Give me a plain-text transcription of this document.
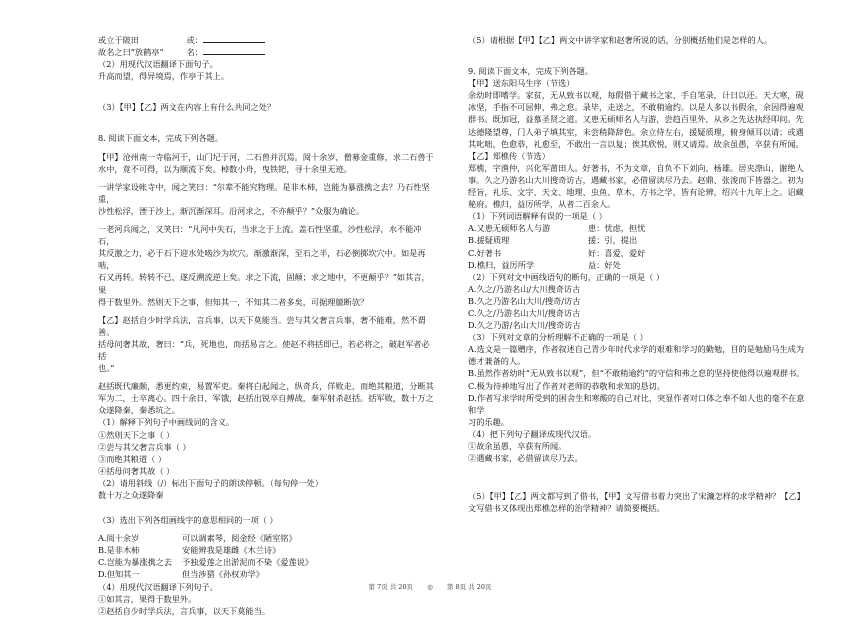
或立于陂田	或：
故名之曰“放鹤亭”	名：

（2）用现代汉语翻译下面句子。

升高而望，得异境焉，作亭于其上。

（3）【甲】【乙】两文在内容上有什么共同之处？

8. 阅读下面文本，完成下列各题。

【甲】沧州南一寺临河干，山门圮于河，二石兽并沉焉。阅十余岁，僧募金重修，求二石兽于

水中，竟不可得，以为顺流下矣。棹数小舟，曳铁钯，寻十余里无迹。

一讲学家设帐寺中，闻之笑曰：“尔辈不能究物理。是非木柿，岂能为暴涨携之去？乃石性坚重，

沙性松浮，湮于沙上，渐沉渐深耳。沿河求之，不亦颠乎？”众服为确论。

一老河兵闻之，又笑曰：“凡河中失石，当求之于上流。盖石性坚重，沙性松浮，水不能冲石，

其反激之力，必于石下迎水处啮沙为坎穴。渐激渐深，至石之半，石必倒掷坎穴中。如是再啮，

石又再转。转转不已，遂反溯流逆上矣。求之下流，固颠；求之地中，不更颠乎？”如其言，果

得于数里外。然则天下之事，但知其一，不知其二者多矣，可据理臆断欤？

【乙】赵括自少时学兵法，言兵事，以天下莫能当。尝与其父奢言兵事，奢不能难，然不谓善。

括母问奢其故，奢曰：“兵，死地也，而括易言之。使赵不将括即已，若必将之，破赵军者必括

也。”

赵括既代廉颇，悉更约束，易置军吏。秦将白起闻之，纵奇兵，佯败走，而绝其粮道，分断其

军为二，士卒离心。四十余日，军饿，赵括出锐卒自搏战，秦军射杀赵括。括军败，数十万之

众遂降秦，秦悉坑之。

（1）解释下列句子中画线词的含义。

①然则天下之事（ ）

②尝与其父奢言兵事（ ）

③而绝其粮道（ ）

④括母问奢其故（ ）

（2）请用斜线（/）标出下面句子的朗读停顿。（每句停一处）

数十万之众遂降秦

（3）选出下列各组画线字的意思相同的一项（ ）

A.阅十余岁	可以调素琴，阅金经《陋室铭》
B.是非木柿	安能辨我是雄雌《木兰诗》
C.岂能为暴涨携之去 予独爱莲之出淤泥而不染《爱莲说》
D.但知其一	但当涉猎《孙权劝学》

（4）用现代汉语翻译下列句子。

①如其言，果得于数里外。

②赵括自少时学兵法，言兵事，以天下莫能当。

（5）请根据【甲】【乙】两文中讲学家和赵奢所说的话，分别概括他们是怎样的人。

9. 阅读下面文本，完成下列各题。

【甲】送东阳马生序（节选）

余幼时即嗜学。家贫，无从致书以观，每假借于藏书之家，手自笔录，计日以还。天大寒，砚

冰坚，手指不可屈伸，弗之怠。录毕，走送之，不敢稍逾约。以是人多以书假余，余因得遍观

群书。既加冠，益慕圣贤之道。又患无硕师名人与游，尝趋百里外，从乡之先达执经叩问。先

达德隆望尊，门人弟子填其室，未尝稍降辞色。余立侍左右，援疑质理，俯身倾耳以请；或遇

其叱咄，色愈恭，礼愈至，不敢出一言以复；俟其欣悦，则又请焉。故余虽愚，卒获有所闻。

【乙】郑樵传（节选）

郑樵，字渔仲，兴化军莆田人。好著书，不为文章，自负不下刘向、杨雄。居夹漈山，谢绝人

事。久之乃游名山大川搜奇访古，遇藏书家，必借留读尽乃去。赵鼎、张浚而下皆器之。初为

经旨，礼乐、文字、天文、地理、虫鱼、草木、方书之学，皆有论辨，绍兴十九年上之。诏藏

秘府。樵归，益厉所学，从者二百余人。

（1）下列词语解释有误的一项是（ ）

A.又患无硕师名人与游	患：忧虑，担忧
B.援疑质理	援：引，提出
C.好著书	好：喜爱，爱好
D.樵归，益厉所学	益：好处

（2）下列对文中画线语句的断句，正确的一项是（ ）

A.久之/乃游名山/大川搜奇访古

B.久之乃游名山大川/搜奇/访古

C.久之/乃游名山大川/搜奇访古

D.久之乃游/名山大川/搜奇访古

（3）下列对文章的分析理解不正确的一项是（ ）

A.选文是一篇赠序，作者叙述自己青少年时代求学的艰难和学习的勤勉，目的是勉励马生成为

德才兼备的人。

B.虽然作者幼时“无从致书以观”，但“不敢稍逾约”的守信和弗之怠的坚持使他得以遍观群书。

C.极为待神地写出了作者对老师的恭敬和求知的恳切。

D.作者写求学时所受到的困舍生和寒酸的自己对比，突显作者对口体之奉不如人也的毫不在意和学

习的乐趣。

（4）把下列句子翻译成现代汉语。

①故余虽愚，卒获有所闻。

②遇藏书家，必借留读尽乃去。

（5）【甲】【乙】两文都写到了借书，【甲】文写借书着力突出了宋濂怎样的求学精神？【乙】

文写借书又体现出郑樵怎样的治学精神？请简要概括。

第 7页 共 20页 ◎ 第 8页 共 20页
